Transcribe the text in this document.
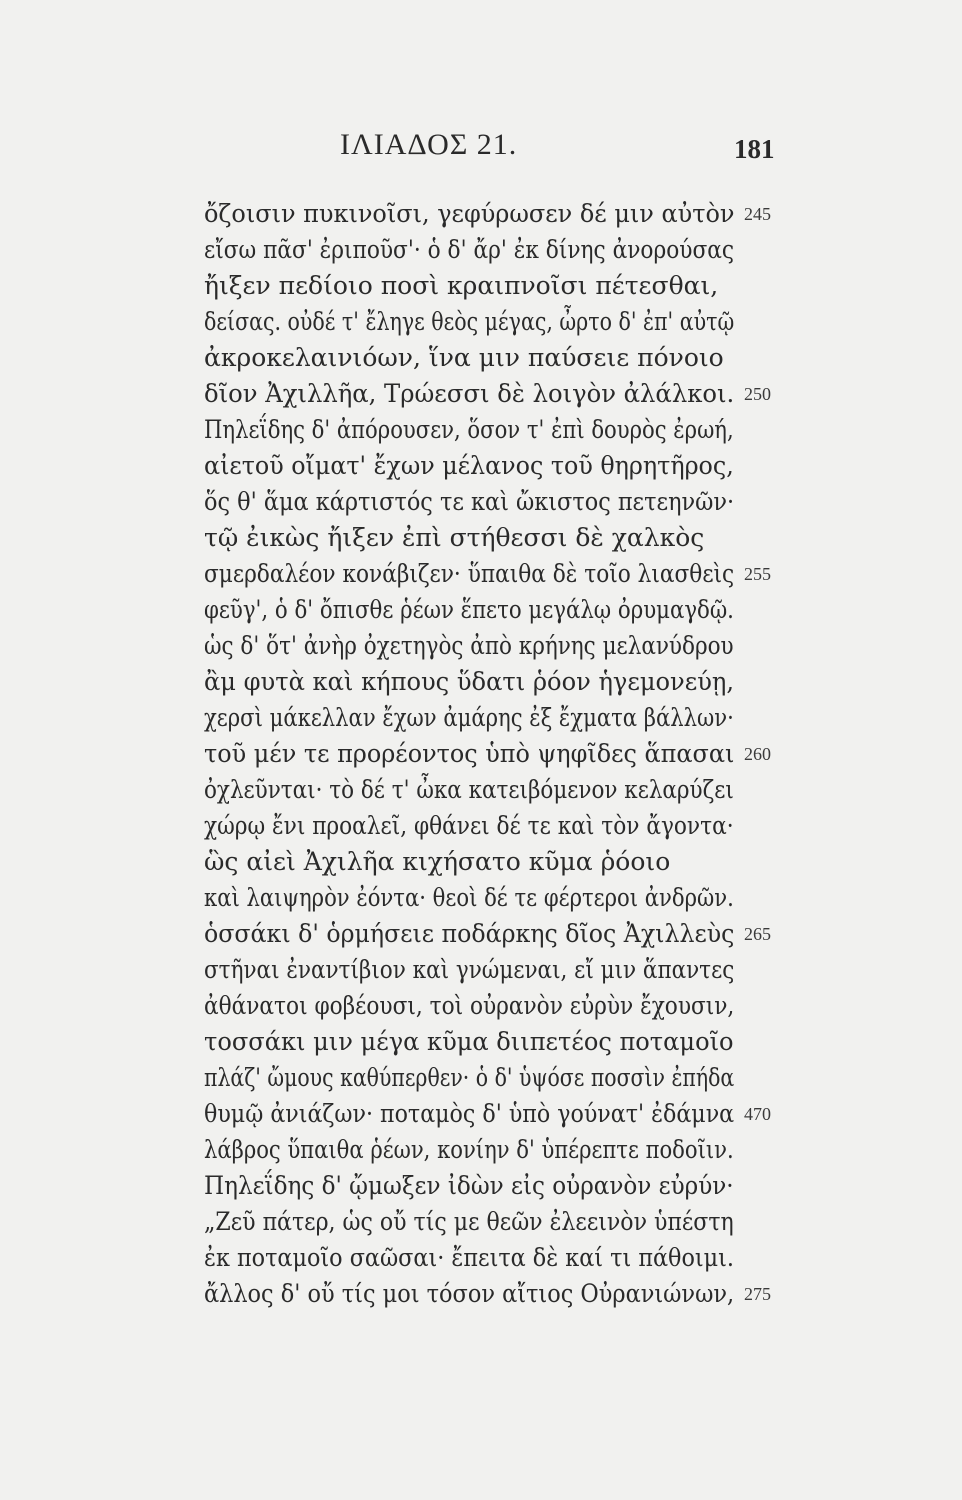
ΙΛΙΑΔΟΣ 21.	181
ὄζοισιν πυκινοῖσι, γεφύρωσεν δέ μιν αὐτὸν 245
εἴσω πᾶσ' ἐριποῦσ'· ὁ δ' ἄρ' ἐκ δίνης ἀνορούσας
ἤιξεν πεδίοιο ποσὶ κραιπνοῖσι πέτεσθαι,
δείσας. οὐδέ τ' ἔληγε θεὸς μέγας, ὦρτο δ' ἐπ' αὐτῷ
ἀκροκελαινιόων, ἵνα μιν παύσειε πόνοιο
δῖον Ἀχιλλῆα, Τρώεσσι δὲ λοιγὸν ἀλάλκοι. 250
Πηλεΐδης δ' ἀπόρουσεν, ὅσον τ' ἐπὶ δουρὸς ἐρωή,
αἰετοῦ οἴματ' ἔχων μέλανος τοῦ θηρητῆρος,
ὅς θ' ἅμα κάρτιστός τε καὶ ὤκιστος πετεηνῶν·
τῷ ἐικὼς ἤιξεν ἐπὶ στήθεσσι δὲ χαλκὸς
σμερδαλέον κονάβιζεν· ὕπαιθα δὲ τοῖο λιασθεὶς 255
φεῦγ', ὁ δ' ὄπισθε ῥέων ἕπετο μεγάλῳ ὀρυμαγδῷ.
ὡς δ' ὅτ' ἀνὴρ ὀχετηγὸς ἀπὸ κρήνης μελανύδρου
ἂμ φυτὰ καὶ κήπους ὕδατι ῥόον ἡγεμονεύῃ,
χερσὶ μάκελλαν ἔχων ἀμάρης ἐξ ἔχματα βάλλων·
τοῦ μέν τε προρέοντος ὑπὸ ψηφῖδες ἅπασαι 260
ὀχλεῦνται· τὸ δέ τ' ὦκα κατειβόμενον κελαρύζει
χώρῳ ἔνι προαλεῖ, φθάνει δέ τε καὶ τὸν ἄγοντα·
ὣς αἰεὶ Ἀχιλῆα κιχήσατο κῦμα ῥόοιο
καὶ λαιψηρὸν ἐόντα· θεοὶ δέ τε φέρτεροι ἀνδρῶν.
ὁσσάκι δ' ὁρμήσειε ποδάρκης δῖος Ἀχιλλεὺς 265
στῆναι ἐναντίβιον καὶ γνώμεναι, εἴ μιν ἅπαντες
ἀθάνατοι φοβέουσι, τοὶ οὐρανὸν εὐρὺν ἔχουσιν,
τοσσάκι μιν μέγα κῦμα διιπετέος ποταμοῖο
πλάζ' ὤμους καθύπερθεν· ὁ δ' ὑψόσε ποσσὶν ἐπήδα
θυμῷ ἀνιάζων· ποταμὸς δ' ὑπὸ γούνατ' ἐδάμνα 470
λάβρος ὕπαιθα ῥέων, κονίην δ' ὑπέρεπτε ποδοῖιν.
Πηλεΐδης δ' ᾤμωξεν ἰδὼν εἰς οὐρανὸν εὐρύν·
„Ζεῦ πάτερ, ὡς οὔ τίς με θεῶν ἐλεεινὸν ὑπέστη
ἐκ ποταμοῖο σαῶσαι· ἔπειτα δὲ καί τι πάθοιμι.
ἄλλος δ' οὔ τίς μοι τόσον αἴτιος Οὐρανιώνων, 275
